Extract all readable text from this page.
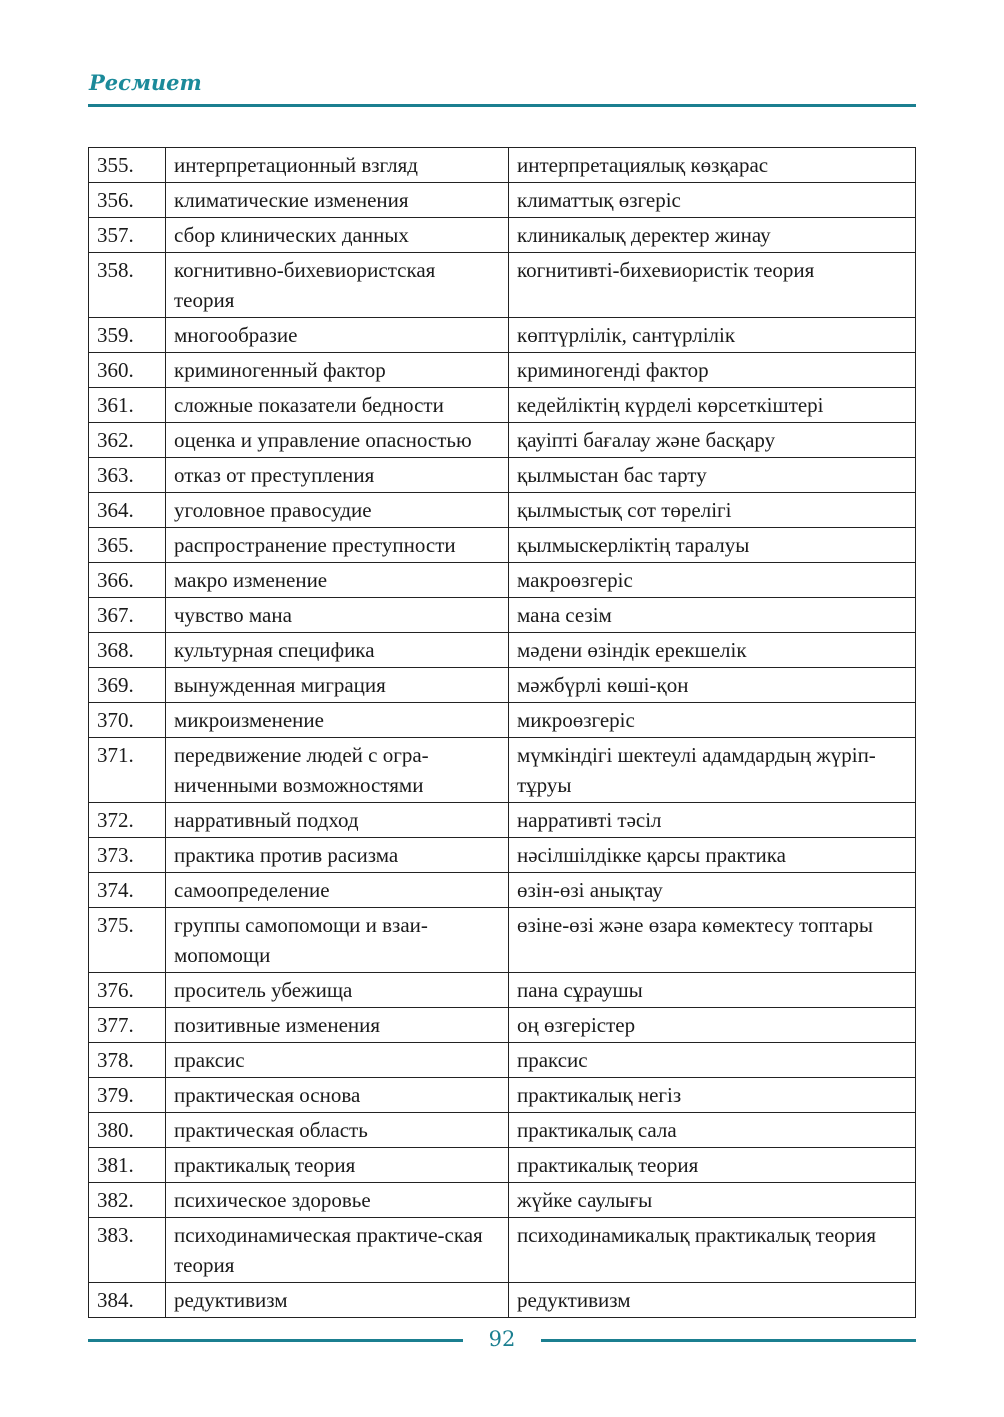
Ресмиет
355.	интерпретационный взгляд	интерпретациялық көзқарас
356.	климатические изменения	климаттық өзгеріс
357.	сбор клинических данных	клиникалық деректер жинау
358.	когнитивно-бихевиористская теория	когнитивті-бихевиористік теория
359.	многообразие	көптүрлілік, сантүрлілік
360.	криминогенный фактор	криминогенді фактор
361.	сложные показатели бедности	кедейліктің күрделі көрсеткіштері
362.	оценка и управление опасностью	қауіпті бағалау және басқару
363.	отказ от преступления	қылмыстан бас тарту
364.	уголовное правосудие	қылмыстық сот төрелігі
365.	распространение преступности	қылмыскерліктің таралуы
366.	макро изменение	макроөзгеріс
367.	чувство мана	мана сезім
368.	культурная специфика	мәдени өзіндік ерекшелік
369.	вынужденная миграция	мәжбүрлі көші-қон
370.	микроизменение	микроөзгеріс
371.	передвижение людей с огра-ниченными возможностями	мүмкіндігі шектеулі адамдардың жүріп-тұруы
372.	нарративный подход	нарративті тәсіл
373.	практика против расизма	нәсілшілдікке қарсы практика
374.	самоопределение	өзін-өзі анықтау
375.	группы самопомощи и взаи-мопомощи	өзіне-өзі және өзара көмектесу топтары
376.	проситель убежища	пана сұраушы
377.	позитивные изменения	оң өзгерістер
378.	праксис	праксис
379.	практическая основа	практикалық негіз
380.	практическая область	практикалық сала
381.	практикалық теория	практикалық теория
382.	психическое здоровье	жүйке саулығы
383.	психодинамическая практиче-ская теория	психодинамикалық практикалық теория
384.	редуктивизм	редуктивизм
92
